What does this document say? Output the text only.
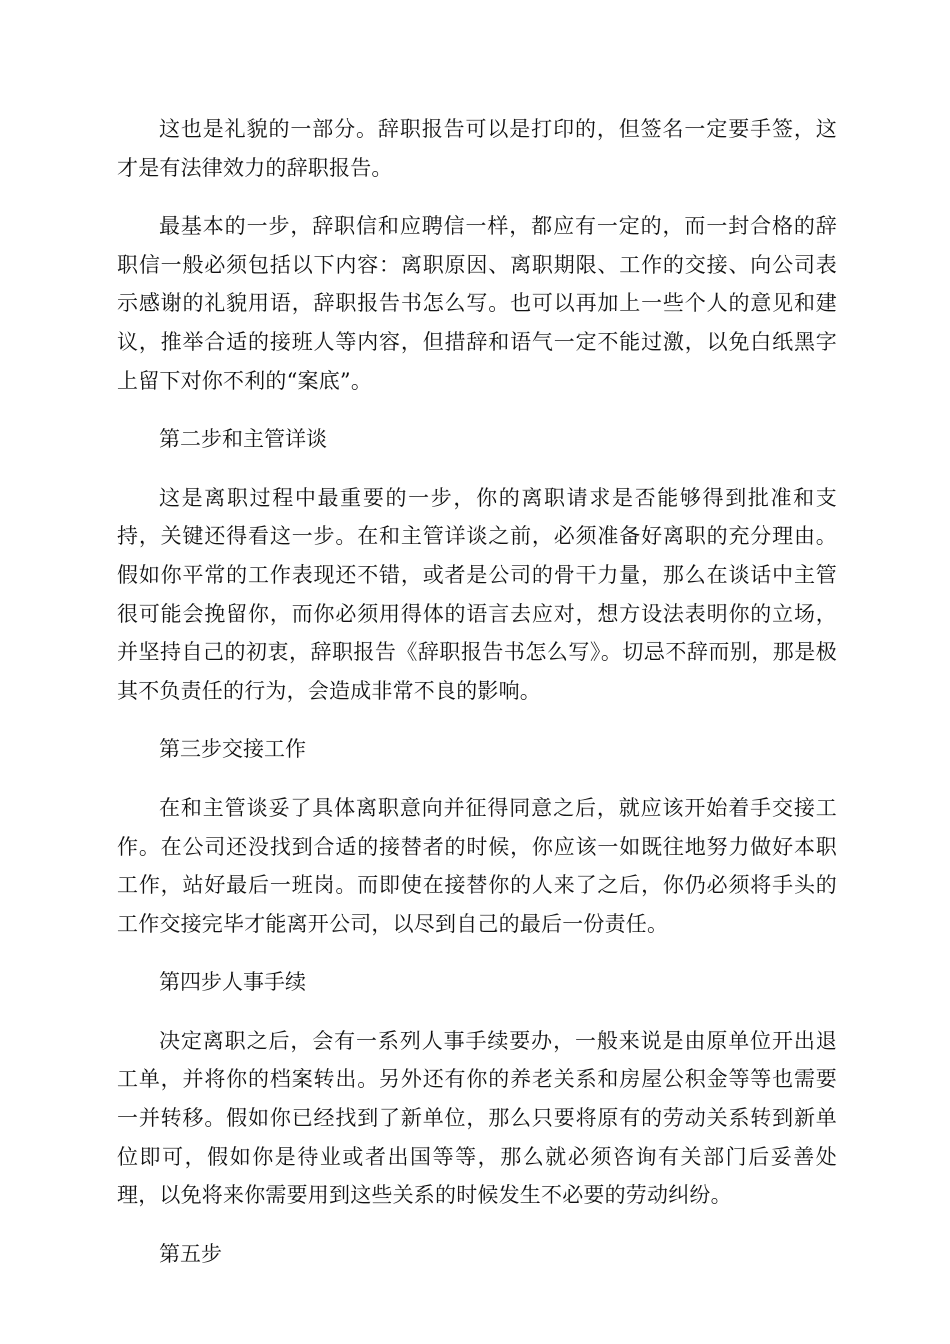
这也是礼貌的一部分。辞职报告可以是打印的，但签名一定要手签，这才是有法律效力的辞职报告。

最基本的一步，辞职信和应聘信一样，都应有一定的，而一封合格的辞职信一般必须包括以下内容：离职原因、离职期限、工作的交接、向公司表示感谢的礼貌用语，辞职报告书怎么写。也可以再加上一些个人的意见和建议，推举合适的接班人等内容，但措辞和语气一定不能过激，以免白纸黑字上留下对你不利的“案底”。

第二步和主管详谈

这是离职过程中最重要的一步，你的离职请求是否能够得到批准和支持，关键还得看这一步。在和主管详谈之前，必须准备好离职的充分理由。假如你平常的工作表现还不错，或者是公司的骨干力量，那么在谈话中主管很可能会挽留你，而你必须用得体的语言去应对，想方设法表明你的立场，并坚持自己的初衷，辞职报告《辞职报告书怎么写》。切忌不辞而别，那是极其不负责任的行为，会造成非常不良的影响。

第三步交接工作

在和主管谈妥了具体离职意向并征得同意之后，就应该开始着手交接工作。在公司还没找到合适的接替者的时候，你应该一如既往地努力做好本职工作，站好最后一班岗。而即使在接替你的人来了之后，你仍必须将手头的工作交接完毕才能离开公司，以尽到自己的最后一份责任。

第四步人事手续

决定离职之后，会有一系列人事手续要办，一般来说是由原单位开出退工单，并将你的档案转出。另外还有你的养老关系和房屋公积金等等也需要一并转移。假如你已经找到了新单位，那么只要将原有的劳动关系转到新单位即可，假如你是待业或者出国等等，那么就必须咨询有关部门后妥善处理，以免将来你需要用到这些关系的时候发生不必要的劳动纠纷。

第五步
